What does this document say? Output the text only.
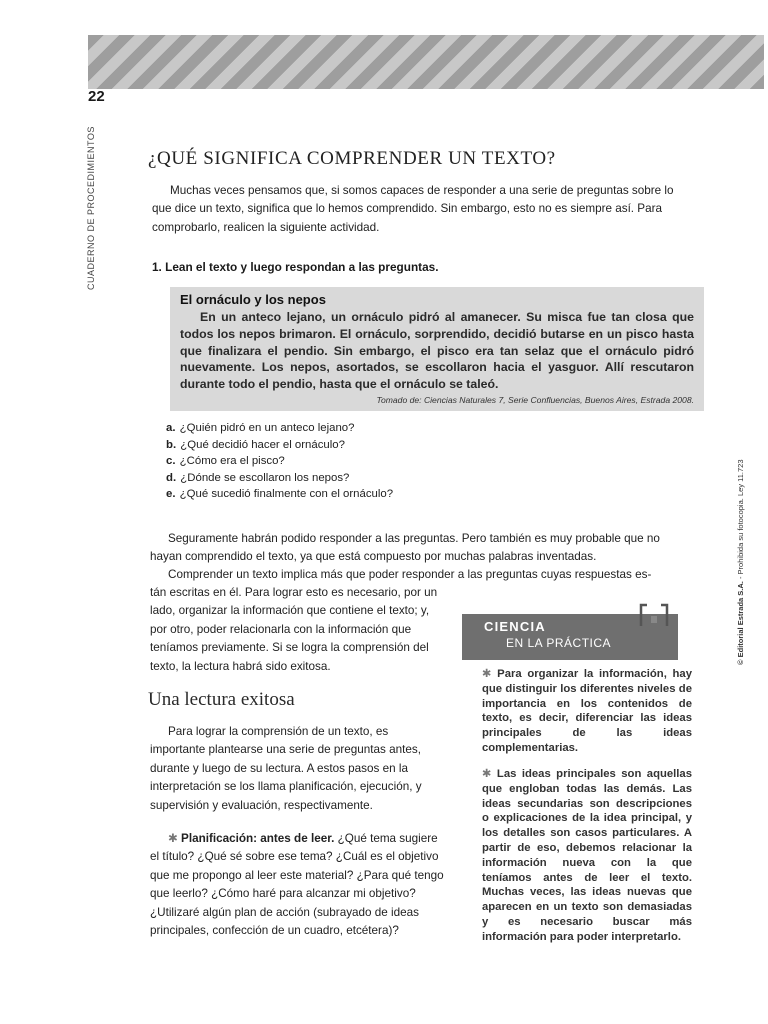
22
CUADERNO DE PROCEDIMIENTOS
© Editorial Estrada S.A. - Prohibida su fotocopia. Ley 11.723
¿QUÉ SIGNIFICA COMPRENDER UN TEXTO?

Muchas veces pensamos que, si somos capaces de responder a una serie de preguntas sobre lo que dice un texto, significa que lo hemos comprendido. Sin embargo, esto no es siempre así. Para comprobarlo, realicen la siguiente actividad.

1. Lean el texto y luego respondan a las preguntas.
El ornáculo y los nepos

En un anteco lejano, un ornáculo pidró al amanecer. Su misca fue tan closa que todos los nepos brimaron. El ornáculo, sorprendido, decidió butarse en un pisco hasta que finalizara el pendio. Sin embargo, el pisco era tan selaz que el ornáculo pidró nuevamente. Los nepos, asortados, se escollaron hacia el yasguor. Allí rescutaron durante todo el pendio, hasta que el ornáculo se taleó.

Tomado de: Ciencias Naturales 7, Serie Confluencias, Buenos Aires, Estrada 2008.
a. ¿Quién pidró en un anteco lejano?
b. ¿Qué decidió hacer el ornáculo?
c. ¿Cómo era el pisco?
d. ¿Dónde se escollaron los nepos?
e. ¿Qué sucedió finalmente con el ornáculo?

Seguramente habrán podido responder a las preguntas. Pero también es muy probable que no hayan comprendido el texto, ya que está compuesto por muchas palabras inventadas.

Comprender un texto implica más que poder responder a las preguntas cuyas respuestas es-

tán escritas en él. Para lograr esto es necesario, por un lado, organizar la información que contiene el texto; y, por otro, poder relacionarla con la información que teníamos previamente. Si se logra la comprensión del texto, la lectura habrá sido exitosa.

Una lectura exitosa

Para lograr la comprensión de un texto, es importante plantearse una serie de preguntas antes, durante y luego de su lectura. A estos pasos en la interpretación se los llama planificación, ejecución, y supervisión y evaluación, respectivamente.

✱ Planificación: antes de leer. ¿Qué tema sugiere el título? ¿Qué sé sobre ese tema? ¿Cuál es el objetivo que me propongo al leer este material? ¿Para qué tengo que leerlo? ¿Cómo haré para alcanzar mi objetivo? ¿Utilizaré algún plan de acción (subrayado de ideas principales, confección de un cuadro, etcétera)?

CIENCIA
EN LA PRÁCTICA

✱ Para organizar la información, hay que distinguir los diferentes niveles de importancia en los contenidos de texto, es decir, diferenciar las ideas principales de las ideas complementarias.

✱ Las ideas principales son aquellas que engloban todas las demás. Las ideas secundarias son descripciones o explicaciones de la idea principal, y los detalles son casos particulares. A partir de eso, debemos relacionar la información nueva con la que teníamos antes de leer el texto. Muchas veces, las ideas nuevas que aparecen en un texto son demasiadas y es necesario buscar más información para poder interpretarlo.
